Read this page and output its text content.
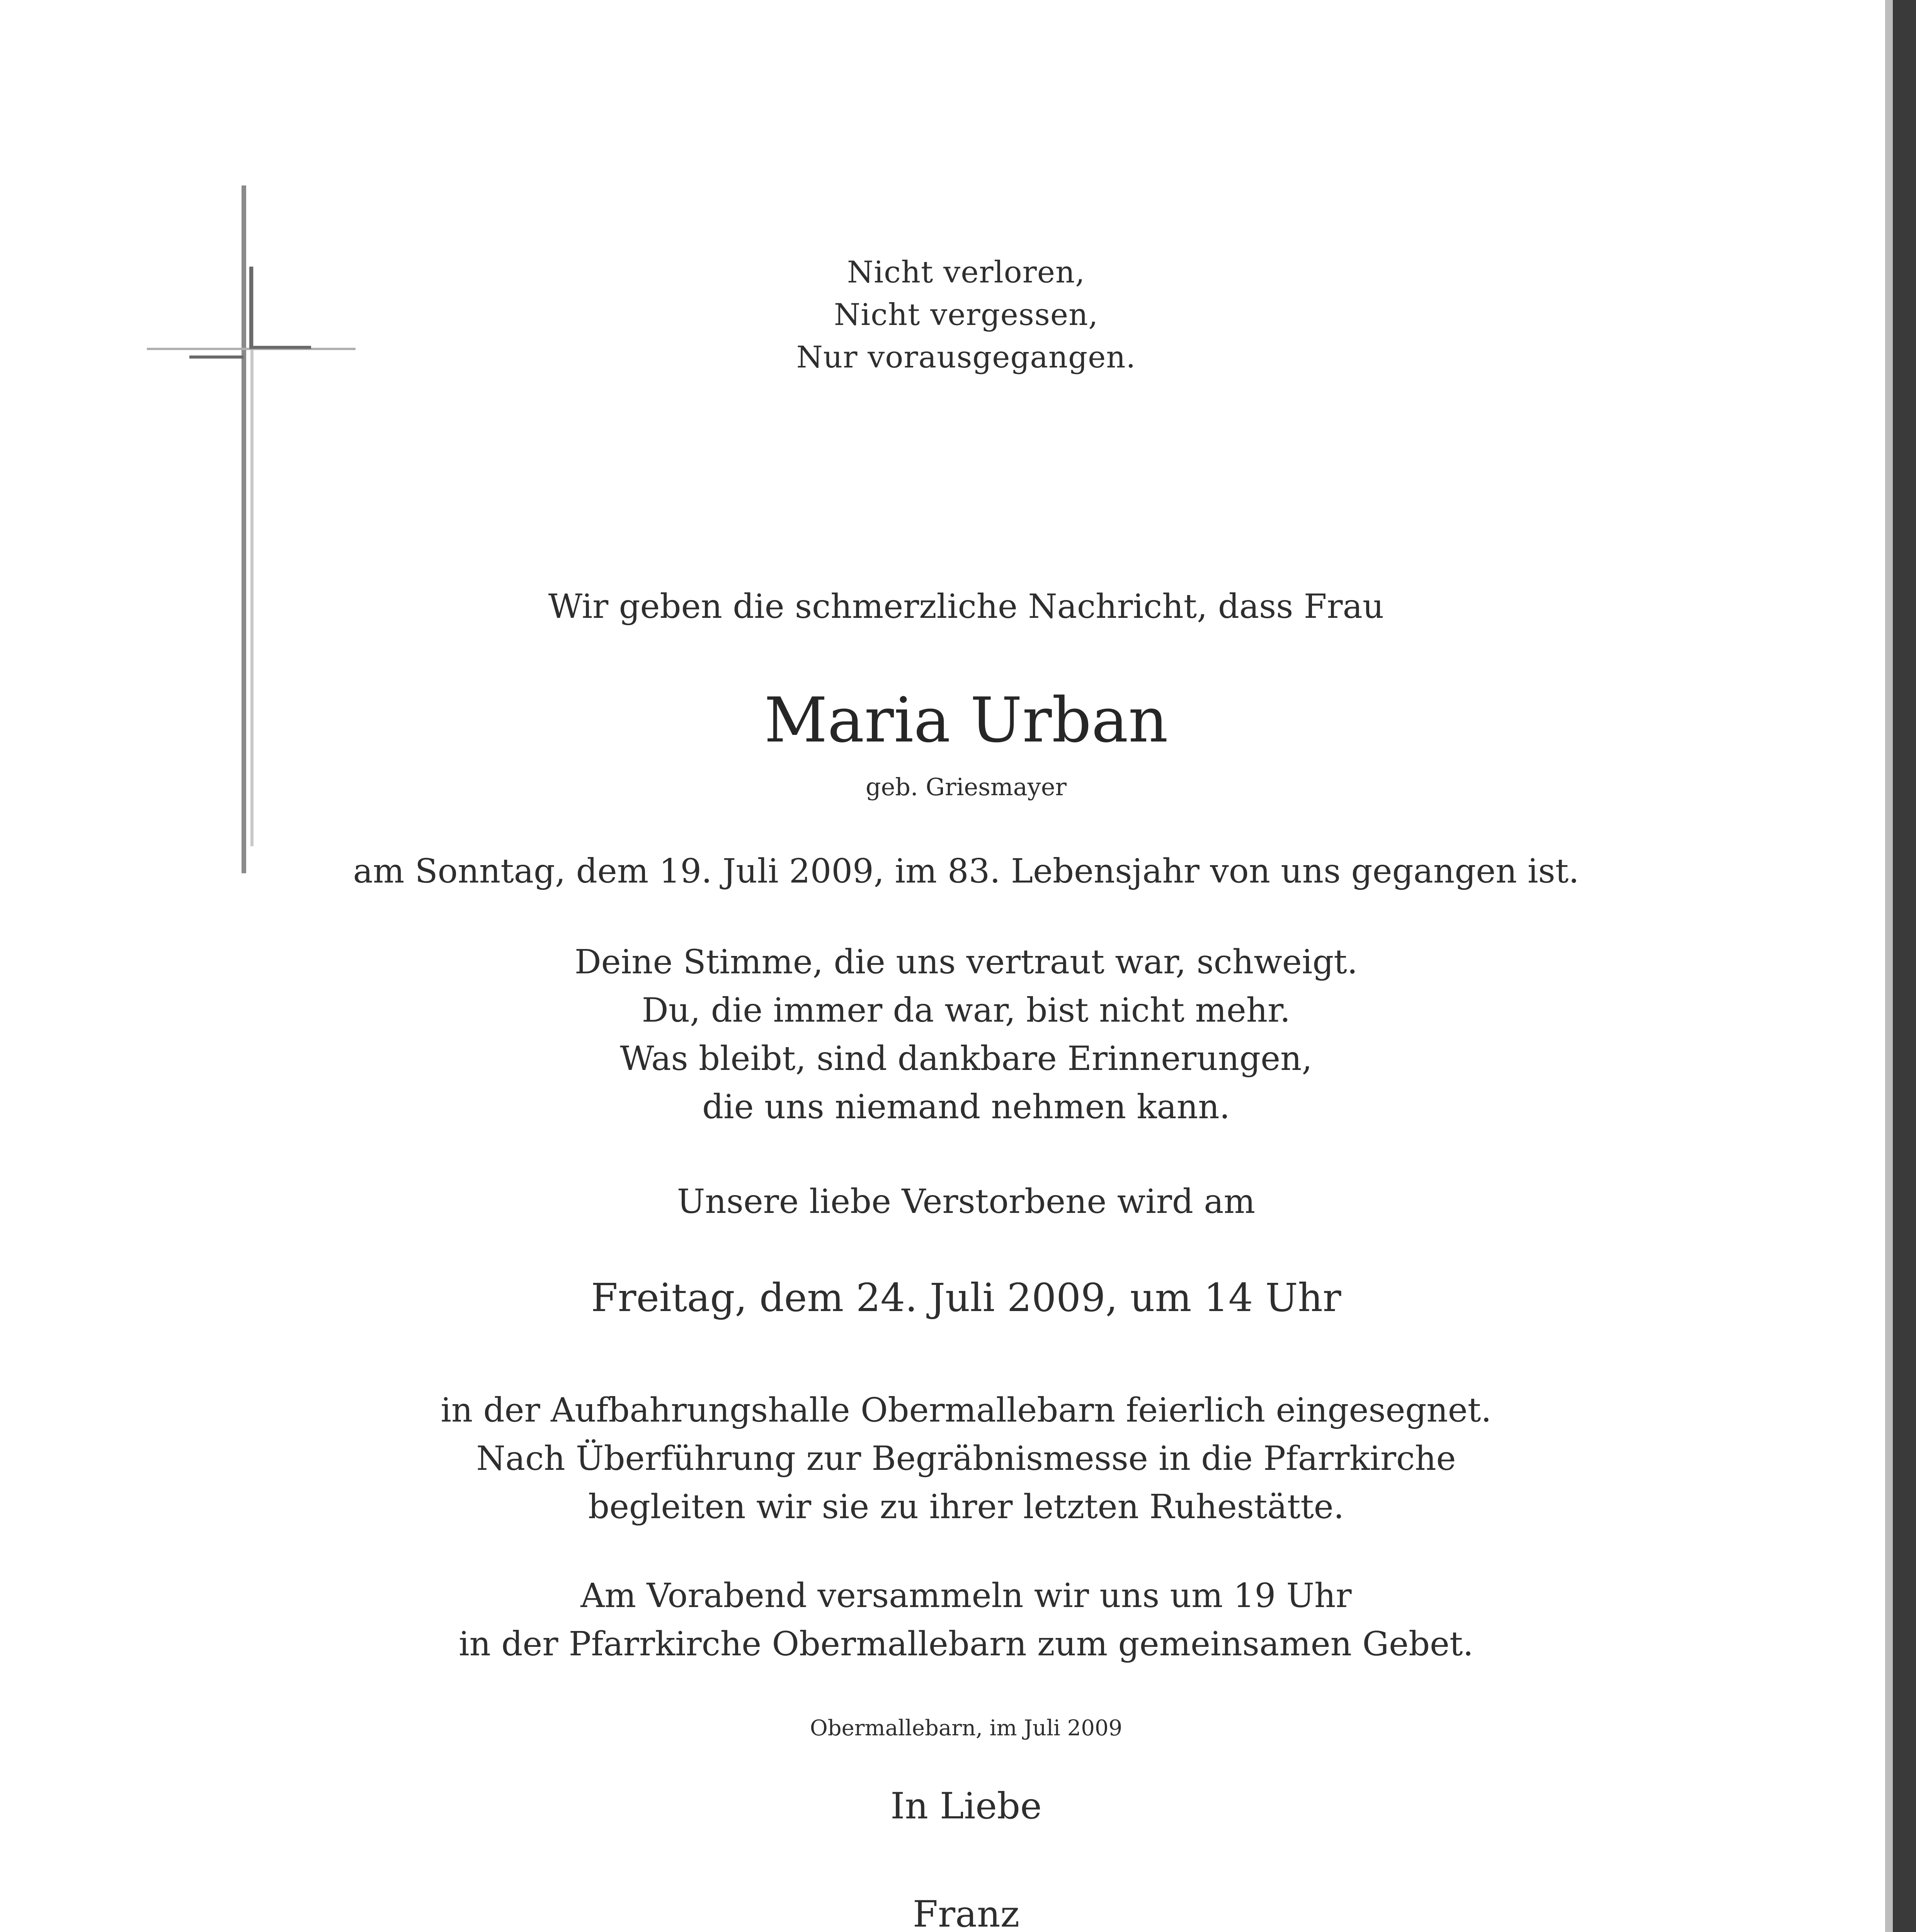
Nicht verloren,
Nicht vergessen,
Nur vorausgegangen.
Wir geben die schmerzliche Nachricht, dass Frau
Maria Urban
geb. Griesmayer
am Sonntag, dem 19. Juli 2009, im 83. Lebensjahr von uns gegangen ist.
Deine Stimme, die uns vertraut war, schweigt.
Du, die immer da war, bist nicht mehr.
Was bleibt, sind dankbare Erinnerungen,
die uns niemand nehmen kann.
Unsere liebe Verstorbene wird am
Freitag, dem 24. Juli 2009, um 14 Uhr
in der Aufbahrungshalle Obermallebarn feierlich eingesegnet.
Nach Überführung zur Begräbnismesse in die Pfarrkirche
begleiten wir sie zu ihrer letzten Ruhestätte.
Am Vorabend versammeln wir uns um 19 Uhr
in der Pfarrkirche Obermallebarn zum gemeinsamen Gebet.
Obermallebarn, im Juli 2009
In Liebe
Franz
